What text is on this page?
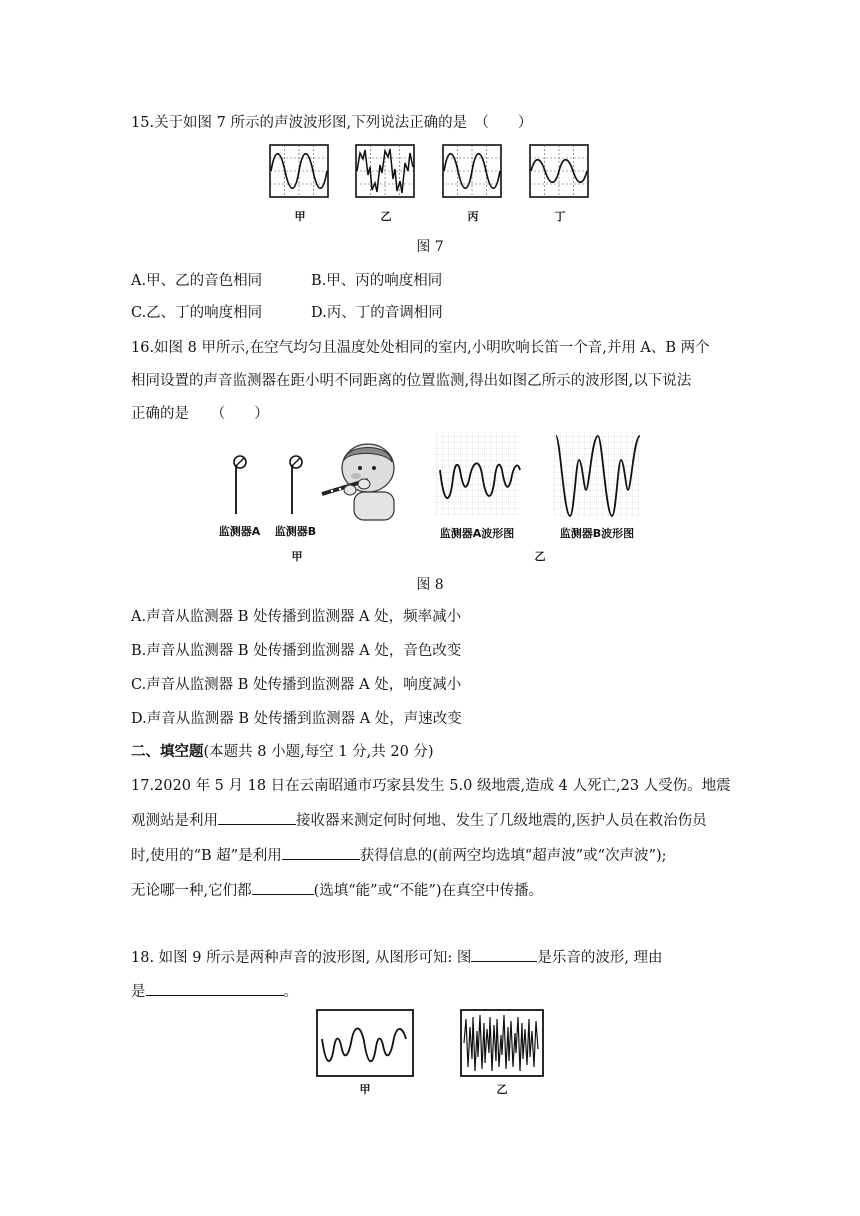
15.关于如图 7 所示的声波波形图,下列说法正确的是　（　　）
甲	乙	丙	丁
图 7
A.甲、乙的音色相同	B.甲、丙的响度相同
C.乙、丁的响度相同	D.丙、丁的音调相同
16.如图 8 甲所示,在空气均匀且温度处处相同的室内,小明吹响长笛一个音,并用 A、B 两个
相同设置的声音监测器在距小明不同距离的位置监测,得出如图乙所示的波形图,以下说法
正确的是　　（　　）
监测器A	监测器B
甲
监测器A波形图	监测器B波形图
乙
图 8
A.声音从监测器 B 处传播到监测器 A 处，频率减小
B.声音从监测器 B 处传播到监测器 A 处，音色改变
C.声音从监测器 B 处传播到监测器 A 处，响度减小
D.声音从监测器 B 处传播到监测器 A 处，声速改变
二、填空题(本题共 8 小题,每空 1 分,共 20 分)
17.2020 年 5 月 18 日在云南昭通市巧家县发生 5.0 级地震,造成 4 人死亡,23 人受伤。地震
观测站是利用	接收器来测定何时何地、发生了几级地震的,医护人员在救治伤员
时,使用的“B 超”是利用	获得信息的(前两空均选填“超声波”或“次声波”);
无论哪一种,它们都	(选填“能”或“不能”)在真空中传播。
18. 如图 9 所示是两种声音的波形图, 从图形可知: 图	是乐音的波形, 理由
是	。
甲	乙
